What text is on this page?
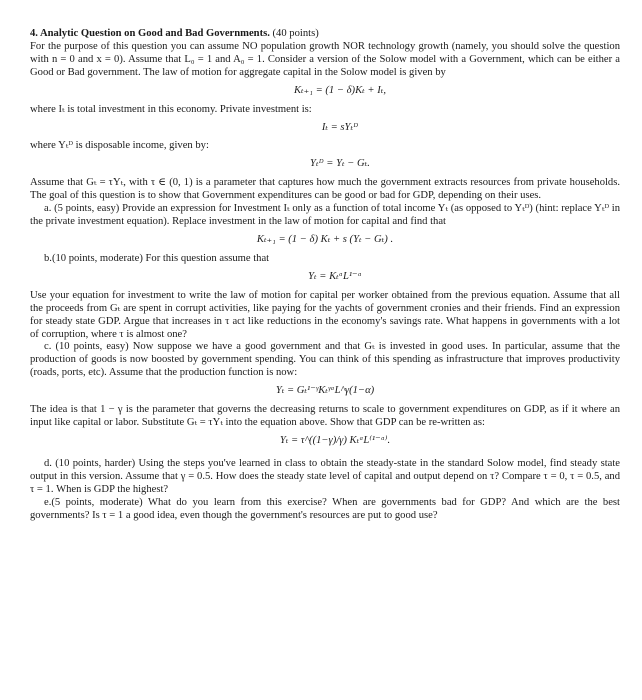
4. Analytic Question on Good and Bad Governments. (40 points)
For the purpose of this question you can assume NO population growth NOR technology growth (namely, you should solve the question with n = 0 and x = 0). Assume that L₀ = 1 and A₀ = 1. Consider a version of the Solow model with a Government, which can be either a Good or Bad government. The law of motion for aggregate capital in the Solow model is given by

Kₜ₊₁ = (1 − δ)Kₜ + Iₜ,

where Iₜ is total investment in this economy. Private investment is:

Iₜ = sYₜᴰ

where Yₜᴰ is disposable income, given by:

Yₜᴰ = Yₜ − Gₜ.

Assume that Gₜ = τYₜ, with τ ∈ (0, 1) is a parameter that captures how much the government extracts resources from private households. The goal of this question is to show that Government expenditures can be good or bad for GDP, depending on their uses.

a. (5 points, easy) Provide an expression for Investment Iₜ only as a function of total income Yₜ (as opposed to Yₜᴰ) (hint: replace Yₜᴰ in the private investment equation). Replace investment in the law of motion for capital and find that

Kₜ₊₁ = (1 − δ) Kₜ + s (Yₜ − Gₜ) .

b.(10 points, moderate) For this question assume that

Yₜ = KₜᵅL¹⁻ᵅ

Use your equation for investment to write the law of motion for capital per worker obtained from the previous equation. Assume that all the proceeds from Gₜ are spent in corrupt activities, like paying for the yachts of government cronies and their friends. Find an expression for steady state GDP. Argue that increases in τ act like reductions in the economy's savings rate. What happens in governments with a lot of corruption, where τ is almost one?

c. (10 points, easy) Now suppose we have a good government and that Gₜ is invested in good uses. In particular, assume that the production of goods is now boosted by government spending. You can think of this spending as infrastructure that improves productivity (roads, ports, etc). Assume that the production function is now:

Yₜ = Gₜ¹⁻ᵞKₜᵞᵅL^γ(1−α)

The idea is that 1 − γ is the parameter that governs the decreasing returns to scale to government expenditures on GDP, as if it where an input like capital or labor. Substitute Gₜ = τYₜ into the equation above. Show that GDP can be re-written as:

Yₜ = τ^((1−γ)/γ) KₜᵅL⁽¹⁻ᵅ⁾.

d. (10 points, harder) Using the steps you've learned in class to obtain the steady-state in the standard Solow model, find steady state output in this version. Assume that γ = 0.5. How does the steady state level of capital and output depend on τ? Compare τ = 0, τ = 0.5, and τ = 1. When is GDP the highest?

e.(5 points, moderate) What do you learn from this exercise? When are governments bad for GDP? And which are the best governments? Is τ = 1 a good idea, even though the government's resources are put to good use?
